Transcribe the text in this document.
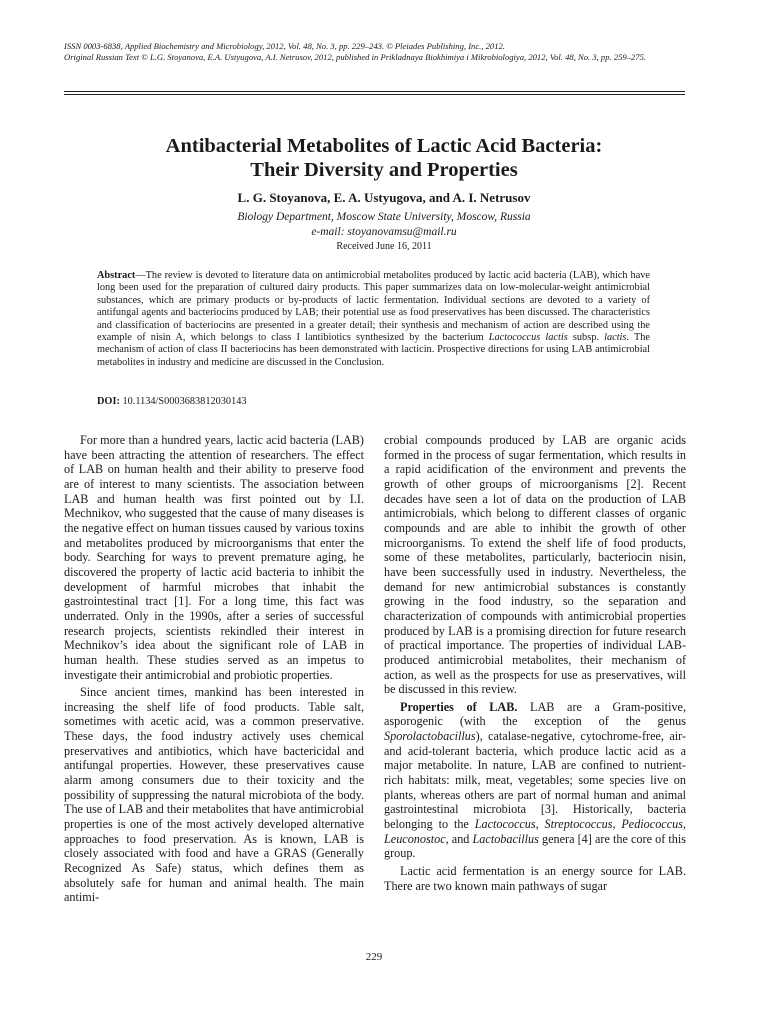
ISSN 0003-6838, Applied Biochemistry and Microbiology, 2012, Vol. 48, No. 3, pp. 229–243. © Pleiades Publishing, Inc., 2012.
Original Russian Text © L.G. Stoyanova, E.A. Ustyugova, A.I. Netrusov, 2012, published in Prikladnaya Biokhimiya i Mikrobiologiya, 2012, Vol. 48, No. 3, pp. 259–275.
Antibacterial Metabolites of Lactic Acid Bacteria:
Their Diversity and Properties
L. G. Stoyanova, E. A. Ustyugova, and A. I. Netrusov
Biology Department, Moscow State University, Moscow, Russia
e-mail: stoyanovamsu@mail.ru
Received June 16, 2011
Abstract—The review is devoted to literature data on antimicrobial metabolites produced by lactic acid bacteria (LAB), which have long been used for the preparation of cultured dairy products. This paper summarizes data on low-molecular-weight antimicrobial substances, which are primary products or by-products of lactic fermentation. Individual sections are devoted to a variety of antifungal agents and bacteriocins produced by LAB; their potential use as food preservatives has been discussed. The characteristics and classification of bacteriocins are presented in a greater detail; their synthesis and mechanism of action are described using the example of nisin A, which belongs to class I lantibiotics synthesized by the bacterium Lactococcus lactis subsp. lactis. The mechanism of action of class II bacteriocins has been demonstrated with lacticin. Prospective directions for using LAB antimicrobial metabolites in industry and medicine are discussed in the Conclusion.
DOI: 10.1134/S0003683812030143

For more than a hundred years, lactic acid bacteria (LAB) have been attracting the attention of researchers. The effect of LAB on human health and their ability to preserve food are of interest to many scientists. The association between LAB and human health was first pointed out by I.I. Mechnikov, who suggested that the cause of many diseases is the negative effect on human tissues caused by various toxins and metabolites produced by microorganisms that enter the body. Searching for ways to prevent premature aging, he discovered the property of lactic acid bacteria to inhibit the development of harmful microbes that inhabit the gastrointestinal tract [1]. For a long time, this fact was underrated. Only in the 1990s, after a series of successful research projects, scientists rekindled their interest in Mechnikov’s idea about the significant role of LAB in human health. These studies served as an impetus to investigate their antimicrobial and probiotic properties.

Since ancient times, mankind has been interested in increasing the shelf life of food products. Table salt, sometimes with acetic acid, was a common preservative. These days, the food industry actively uses chemical preservatives and antibiotics, which have bactericidal and antifungal properties. However, these preservatives cause alarm among consumers due to their toxicity and the possibility of suppressing the natural microbiota of the body. The use of LAB and their metabolites that have antimicrobial properties is one of the most actively developed alternative approaches to food preservation. As is known, LAB is closely associated with food and have a GRAS (Generally Recognized As Safe) status, which defines them as absolutely safe for human and animal health. The main antimi-

crobial compounds produced by LAB are organic acids formed in the process of sugar fermentation, which results in a rapid acidification of the environment and prevents the growth of other groups of microorganisms [2]. Recent decades have seen a lot of data on the production of LAB antimicrobials, which belong to different classes of organic compounds and are able to inhibit the growth of other microorganisms. To extend the shelf life of food products, some of these metabolites, particularly, bacteriocin nisin, have been successfully used in industry. Nevertheless, the demand for new antimicrobial substances is constantly growing in the food industry, so the separation and characterization of compounds with antimicrobial properties produced by LAB is a promising direction for future research of practical importance. The properties of individual LAB-produced antimicrobial metabolites, their mechanism of action, as well as the prospects for use as preservatives, will be discussed in this review.

Properties of LAB. LAB are a Gram-positive, asporogenic (with the exception of the genus Sporolactobacillus), catalase-negative, cytochrome-free, air- and acid-tolerant bacteria, which produce lactic acid as a major metabolite. In nature, LAB are confined to nutrient-rich habitats: milk, meat, vegetables; some species live on plants, whereas others are part of normal human and animal gastrointestinal microbiota [3]. Historically, bacteria belonging to the Lactococcus, Streptococcus, Pediococcus, Leuconostoc, and Lactobacillus genera [4] are the core of this group.

Lactic acid fermentation is an energy source for LAB. There are two known main pathways of sugar

229
